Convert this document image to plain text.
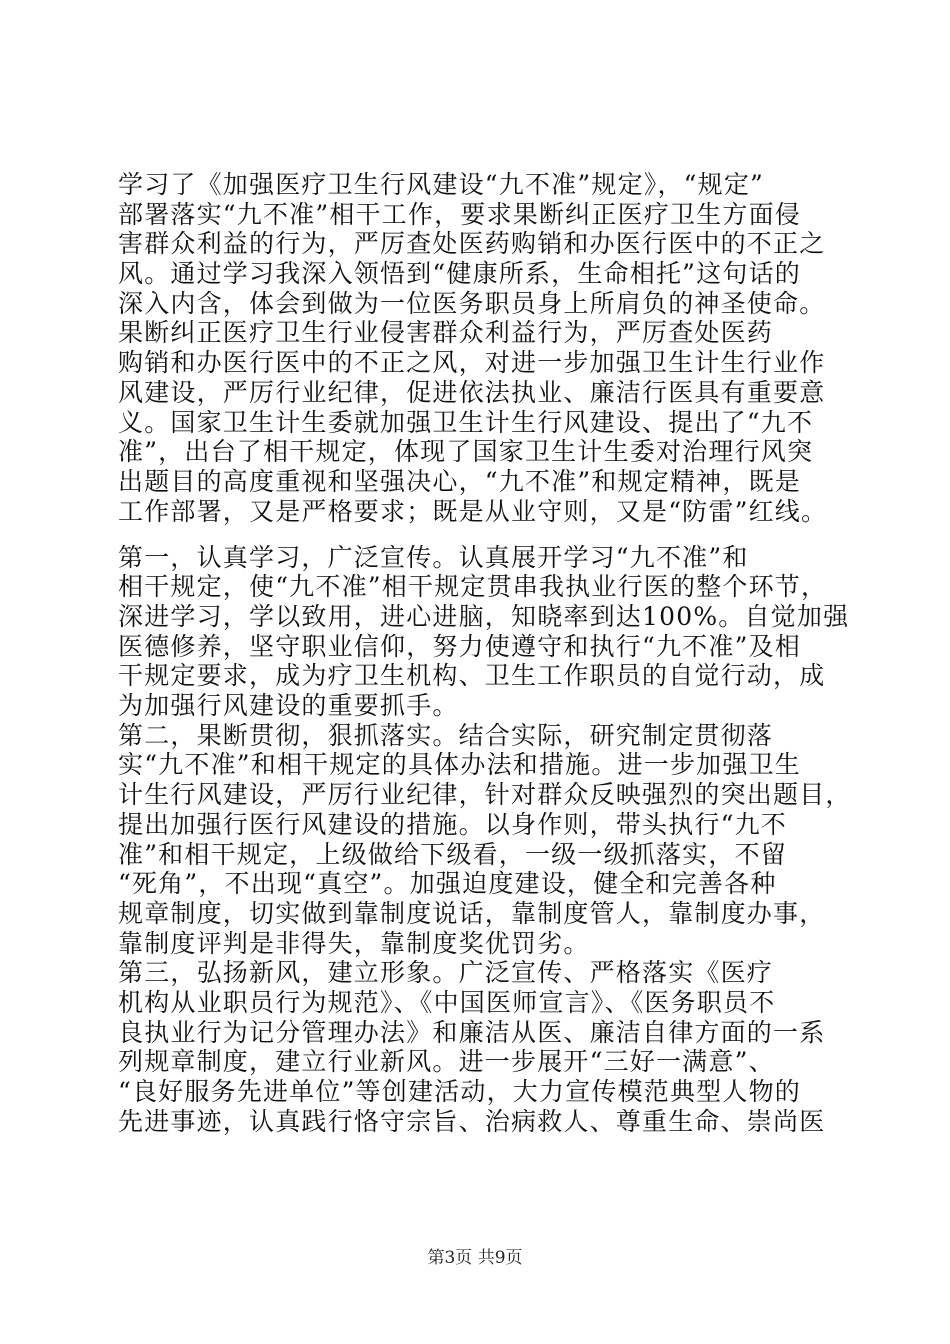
学习了《加强医疗卫生行风建设“九不准”规定》，“规定”
部署落实“九不准”相干工作，要求果断纠正医疗卫生方面侵
害群众利益的行为，严厉查处医药购销和办医行医中的不正之
风。通过学习我深入领悟到“健康所系，生命相托”这句话的
深入内含，体会到做为一位医务职员身上所肩负的神圣使命。
果断纠正医疗卫生行业侵害群众利益行为，严厉查处医药
购销和办医行医中的不正之风，对进一步加强卫生计生行业作
风建设，严厉行业纪律，促进依法执业、廉洁行医具有重要意
义。国家卫生计生委就加强卫生计生行风建设、提出了“九不
准”，出台了相干规定，体现了国家卫生计生委对治理行风突
出题目的高度重视和坚强决心，“九不准”和规定精神，既是
工作部署，又是严格要求；既是从业守则，又是“防雷”红线。
第一，认真学习，广泛宣传。认真展开学习“九不准”和
相干规定，使“九不准”相干规定贯串我执业行医的整个环节，
深进学习，学以致用，进心进脑，知晓率到达100%。自觉加强
医德修养，坚守职业信仰，努力使遵守和执行“九不准”及相
干规定要求，成为疗卫生机构、卫生工作职员的自觉行动，成
为加强行风建设的重要抓手。
第二，果断贯彻，狠抓落实。结合实际，研究制定贯彻落
实“九不准”和相干规定的具体办法和措施。进一步加强卫生
计生行风建设，严厉行业纪律，针对群众反映强烈的突出题目，
提出加强行医行风建设的措施。以身作则，带头执行“九不
准”和相干规定，上级做给下级看，一级一级抓落实，不留
“死角”，不出现“真空”。加强迫度建设，健全和完善各种
规章制度，切实做到靠制度说话，靠制度管人，靠制度办事，
靠制度评判是非得失，靠制度奖优罚劣。
第三，弘扬新风，建立形象。广泛宣传、严格落实《医疗
机构从业职员行为规范》、《中国医师宣言》、《医务职员不
良执业行为记分管理办法》和廉洁从医、廉洁自律方面的一系
列规章制度，建立行业新风。进一步展开“三好一满意”、
“良好服务先进单位”等创建活动，大力宣传模范典型人物的
先进事迹，认真践行恪守宗旨、治病救人、尊重生命、崇尚医
第3页 共9页
